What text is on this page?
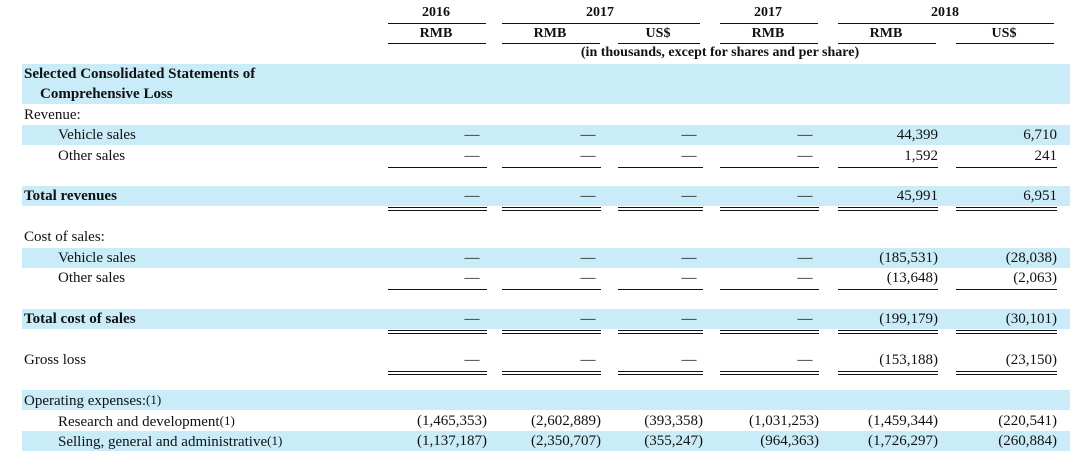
2016	2017	2017	2018
RMB	RMB	US$	RMB	RMB	US$
(in thousands, except for shares and per share)
Selected Consolidated Statements of
Comprehensive Loss
Revenue:
Vehicle sales	—	—	—	—	44,399	6,710
Other sales	—	—	—	—	1,592	241
Total revenues	—	—	—	—	45,991	6,951
Cost of sales:
Vehicle sales	—	—	—	—	(185,531)	(28,038)
Other sales	—	—	—	—	(13,648)	(2,063)
Total cost of sales	—	—	—	—	(199,179)	(30,101)
Gross loss	—	—	—	—	(153,188)	(23,150)
Operating expenses:(1)
Research and development(1)	(1,465,353)	(2,602,889)	(393,358)	(1,031,253)	(1,459,344)	(220,541)
Selling, general and administrative(1)	(1,137,187)	(2,350,707)	(355,247)	(964,363)	(1,726,297)	(260,884)
